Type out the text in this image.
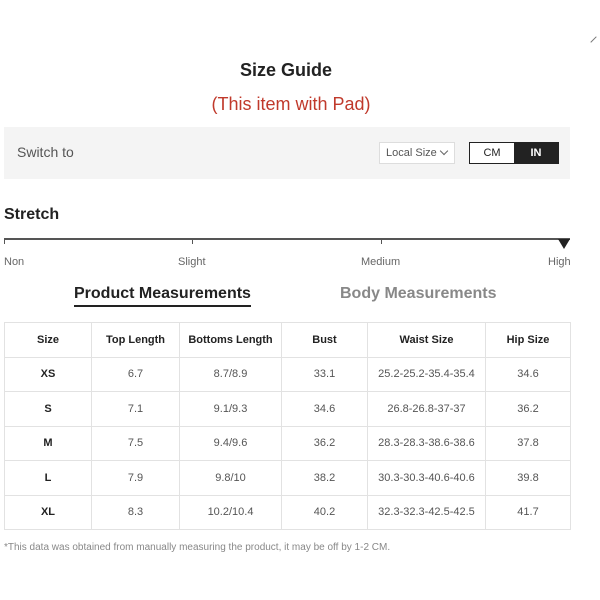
Size Guide
(This item with Pad)
Switch to	Local Size	CM	IN
Stretch
Non	Slight	Medium	High
Product Measurements	Body Measurements
Size	Top Length	Bottoms Length	Bust	Waist Size	Hip Size
XS	6.7	8.7/8.9	33.1	25.2-25.2-35.4-35.4	34.6
S	7.1	9.1/9.3	34.6	26.8-26.8-37-37	36.2
M	7.5	9.4/9.6	36.2	28.3-28.3-38.6-38.6	37.8
L	7.9	9.8/10	38.2	30.3-30.3-40.6-40.6	39.8
XL	8.3	10.2/10.4	40.2	32.3-32.3-42.5-42.5	41.7
*This data was obtained from manually measuring the product, it may be off by 1-2 CM.
